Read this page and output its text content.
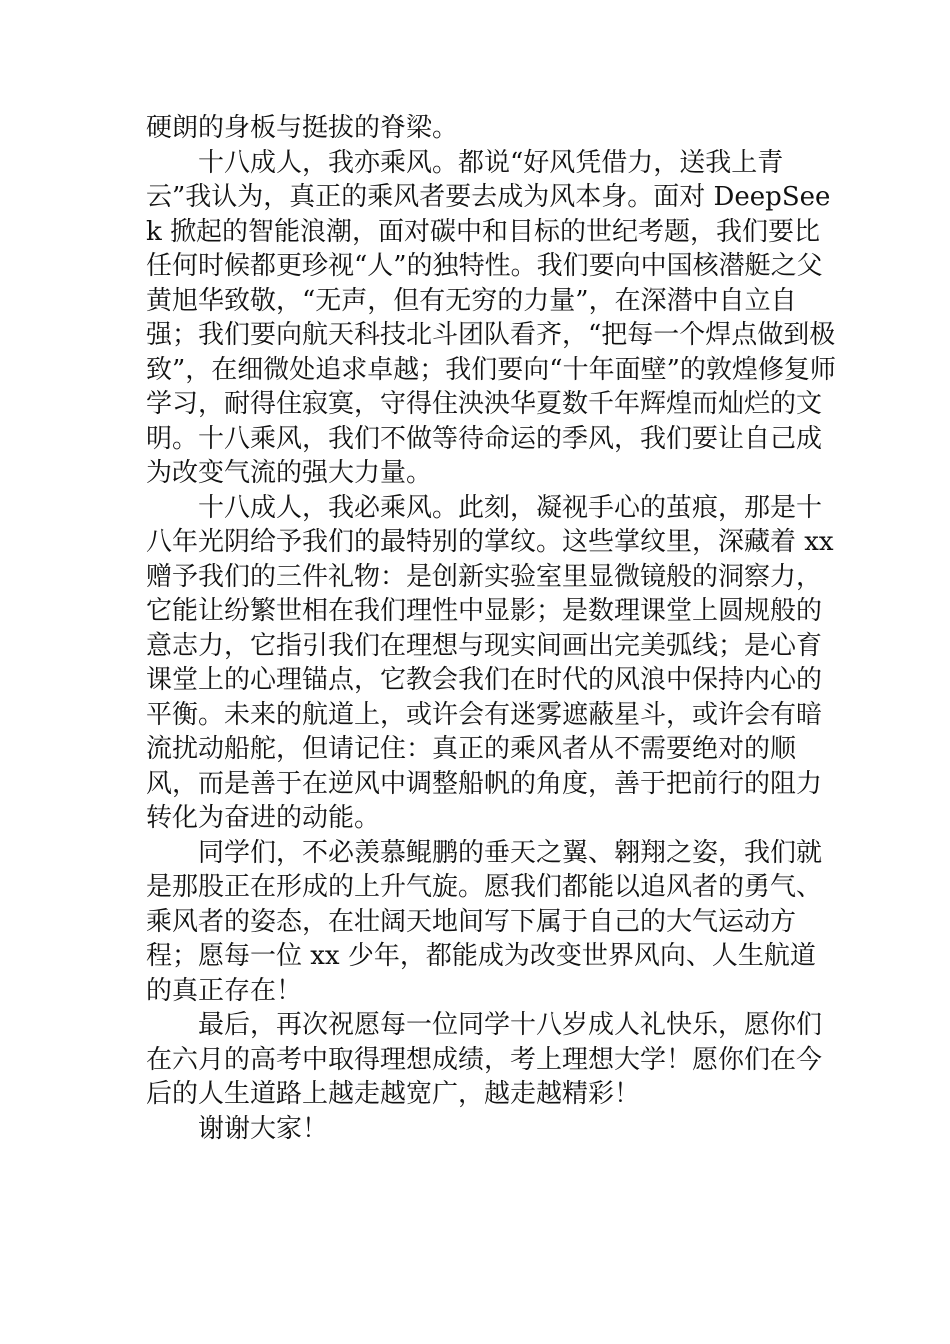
硬朗的身板与挺拔的脊梁。

　　十八成人，我亦乘风。都说“好风凭借力，送我上青云”我认为，真正的乘风者要去成为风本身。面对 DeepSeek 掀起的智能浪潮，面对碳中和目标的世纪考题，我们要比任何时候都更珍视“人”的独特性。我们要向中国核潜艇之父黄旭华致敬，“无声，但有无穷的力量”，在深潜中自立自强；我们要向航天科技北斗团队看齐，“把每一个焊点做到极致”，在细微处追求卓越；我们要向“十年面壁”的敦煌修复师学习，耐得住寂寞，守得住泱泱华夏数千年辉煌而灿烂的文明。十八乘风，我们不做等待命运的季风，我们要让自己成为改变气流的强大力量。

　　十八成人，我必乘风。此刻，凝视手心的茧痕，那是十八年光阴给予我们的最特别的掌纹。这些掌纹里，深藏着 xx 赠予我们的三件礼物：是创新实验室里显微镜般的洞察力，它能让纷繁世相在我们理性中显影；是数理课堂上圆规般的意志力，它指引我们在理想与现实间画出完美弧线；是心育课堂上的心理锚点，它教会我们在时代的风浪中保持内心的平衡。未来的航道上，或许会有迷雾遮蔽星斗，或许会有暗流扰动船舵，但请记住：真正的乘风者从不需要绝对的顺风，而是善于在逆风中调整船帆的角度，善于把前行的阻力转化为奋进的动能。

　　同学们，不必羡慕鲲鹏的垂天之翼、翱翔之姿，我们就是那股正在形成的上升气旋。愿我们都能以追风者的勇气、乘风者的姿态，在壮阔天地间写下属于自己的大气运动方程；愿每一位 xx 少年，都能成为改变世界风向、人生航道的真正存在！

　　最后，再次祝愿每一位同学十八岁成人礼快乐，愿你们在六月的高考中取得理想成绩，考上理想大学！愿你们在今后的人生道路上越走越宽广，越走越精彩！

　　谢谢大家！
